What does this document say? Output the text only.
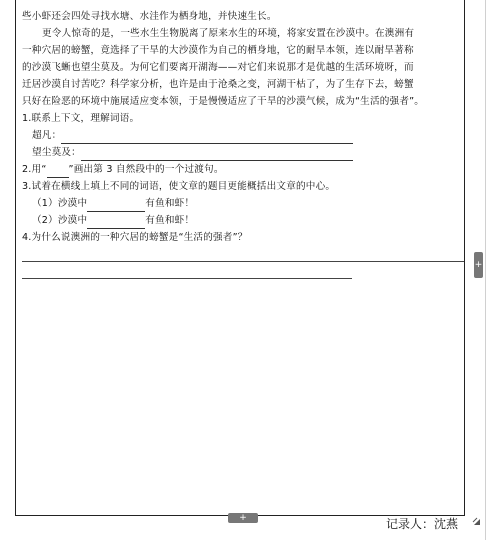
些小虾还会四处寻找水塘、水洼作为栖身地，并快速生长。
更令人惊奇的是，一些水生生物脱离了原来水生的环境，将家安置在沙漠中。在澳洲有
一种穴居的螃蟹，竟选择了干旱的大沙漠作为自己的栖身地，它的耐旱本领，连以耐旱著称
的沙漠飞蜥也望尘莫及。为何它们要离开湖海——对它们来说那才是优越的生活环境呀，而
迁居沙漠自讨苦吃？科学家分析，也许是由于沧桑之变，河湖干枯了，为了生存下去，螃蟹
只好在险恶的环境中施展适应变本领，于是慢慢适应了干旱的沙漠气候，成为“生活的强者”。
1.联系上下文，理解词语。
超凡：
望尘莫及：
2.用“ ”画出第 3 自然段中的一个过渡句。
3.试着在横线上填上不同的词语，使文章的题目更能概括出文章的中心。
（1）沙漠中	有鱼和虾！
（2）沙漠中	有鱼和虾！
4.为什么说澳洲的一种穴居的螃蟹是“生活的强者”？
+
+	记录人：沈燕
